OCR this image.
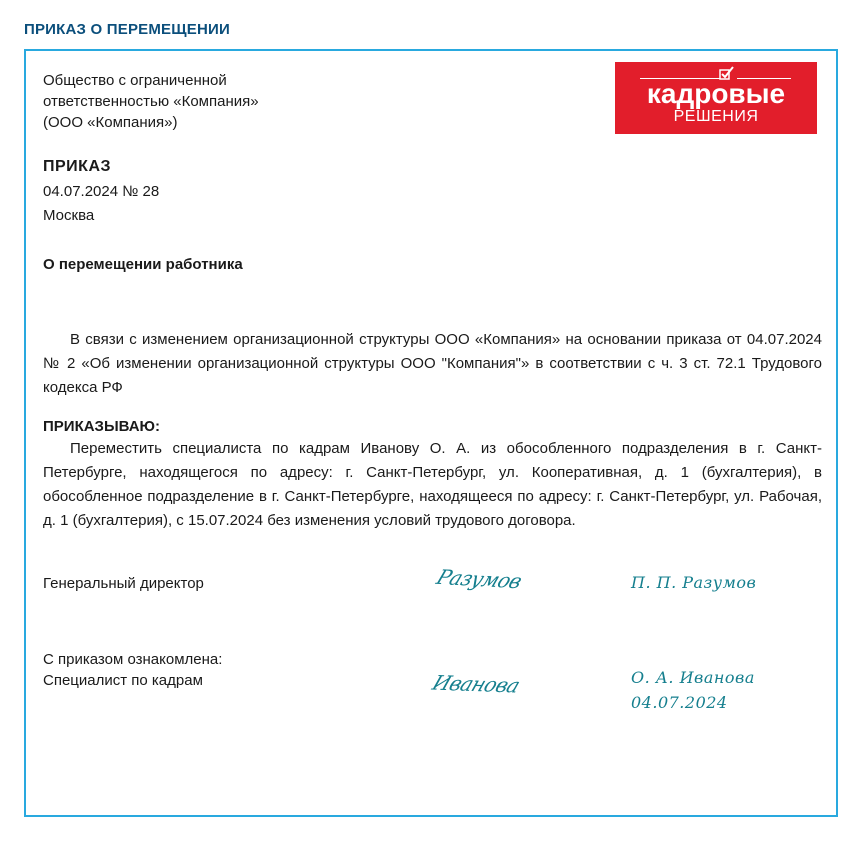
ПРИКАЗ О ПЕРЕМЕЩЕНИИ
Общество с ограниченной
ответственностью «Компания»
(ООО «Компания»)
кадровые
РЕШЕНИЯ
ПРИКАЗ
04.07.2024 № 28
Москва
О перемещении работника

В связи с изменением организационной структуры ООО «Компания» на основании приказа от 04.07.2024 № 2 «Об изменении организационной структуры ООО "Компания"» в соответствии с ч. 3 ст. 72.1 Трудового кодекса РФ

ПРИКАЗЫВАЮ:

Переместить специалиста по кадрам Иванову О. А. из обособленного подразделения в г. Санкт-Петербурге, находящегося по адресу: г. Санкт-Петербург, ул. Кооперативная, д. 1 (бухгалтерия), в обособленное подразделение в г. Санкт-Петербурге, находящееся по адресу: г. Санкт-Петербург, ул. Рабочая, д. 1 (бухгалтерия), с 15.07.2024 без изменения условий трудового договора.

Генеральный директор	Разумов	П. П. Разумов
С приказом ознакомлена:
Специалист по кадрам	Иванова	О. А. Иванова
04.07.2024
